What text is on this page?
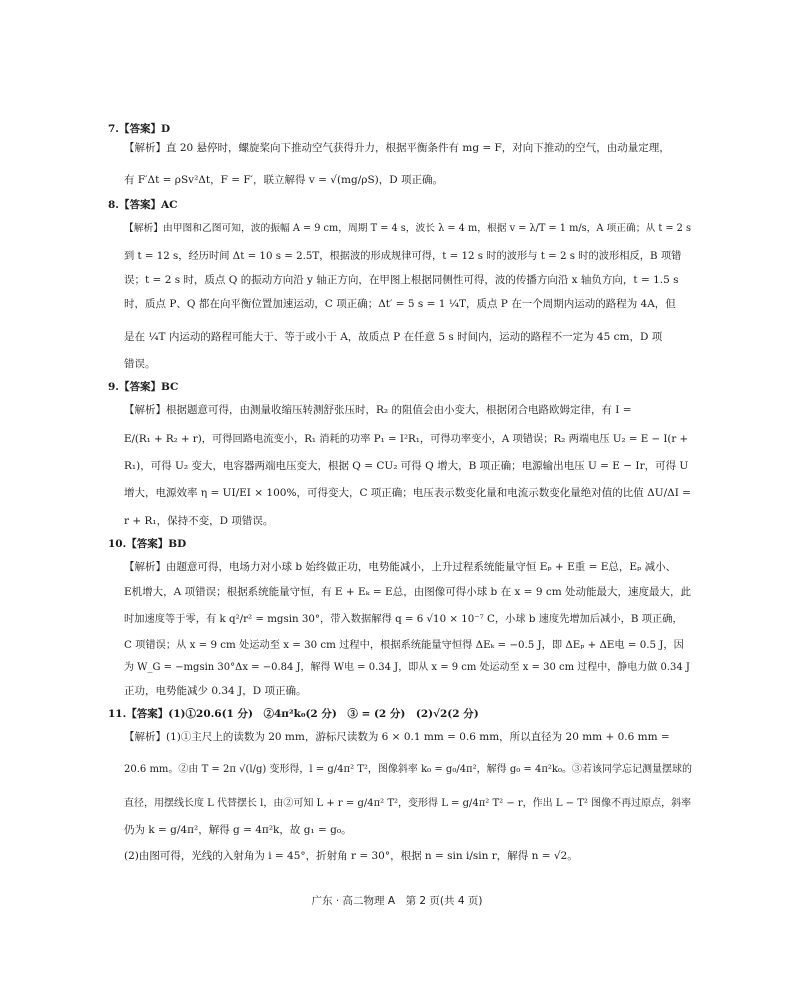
7.【答案】D
【解析】直 20 悬停时，螺旋桨向下推动空气获得升力，根据平衡条件有 mg = F，对向下推动的空气，由动量定理，
有 F′Δt = ρSv²Δt，F = F′，联立解得 v = √(mg/ρS)，D 项正确。
8.【答案】AC
【解析】由甲图和乙图可知，波的振幅 A = 9 cm，周期 T = 4 s，波长 λ = 4 m，根据 v = λ/T = 1 m/s，A 项正确；从 t = 2 s
到 t = 12 s，经历时间 Δt = 10 s = 2.5T，根据波的形成规律可得，t = 12 s 时的波形与 t = 2 s 时的波形相反，B 项错
误；t = 2 s 时，质点 Q 的振动方向沿 y 轴正方向，在甲图上根据同侧性可得，波的传播方向沿 x 轴负方向，t = 1.5 s
时，质点 P、Q 都在向平衡位置加速运动，C 项正确；Δt′ = 5 s = 1 ¼T，质点 P 在一个周期内运动的路程为 4A，但
是在 ¼T 内运动的路程可能大于、等于或小于 A，故质点 P 在任意 5 s 时间内，运动的路程不一定为 45 cm，D 项
错误。
9.【答案】BC
【解析】根据题意可得，由测量收缩压转测舒张压时，R₂ 的阻值会由小变大，根据闭合电路欧姆定律，有 I =
E/(R₁ + R₂ + r)，可得回路电流变小，R₁ 消耗的功率 P₁ = I²R₁，可得功率变小，A 项错误；R₂ 两端电压 U₂ = E − I(r +
R₁)，可得 U₂ 变大，电容器两端电压变大，根据 Q = CU₂ 可得 Q 增大，B 项正确；电源输出电压 U = E − Ir，可得 U
增大，电源效率 η = UI/EI × 100%，可得变大，C 项正确；电压表示数变化量和电流示数变化量绝对值的比值 ΔU/ΔI =
r + R₁，保持不变，D 项错误。
10.【答案】BD
【解析】由题意可得，电场力对小球 b 始终做正功，电势能减小，上升过程系统能量守恒 Eₚ + E重 = E总，Eₚ 减小、
E机增大，A 项错误；根据系统能量守恒，有 E + Eₖ = E总，由图像可得小球 b 在 x = 9 cm 处动能最大，速度最大，此
时加速度等于零，有 k q²/r² = mgsin 30°，带入数据解得 q = 6 √10 × 10⁻⁷ C，小球 b 速度先增加后减小，B 项正确，
C 项错误；从 x = 9 cm 处运动至 x = 30 cm 过程中，根据系统能量守恒得 ΔEₖ = −0.5 J，即 ΔEₚ + ΔE电 = 0.5 J，因
为 W_G = −mgsin 30°Δx = −0.84 J，解得 W电 = 0.34 J，即从 x = 9 cm 处运动至 x = 30 cm 过程中，静电力做 0.34 J
正功，电势能减少 0.34 J，D 项正确。
11.【答案】(1)①20.6(1 分)　②4π²k₀(2 分)　③ = (2 分)　(2)√2(2 分)
【解析】(1)①主尺上的读数为 20 mm，游标尺读数为 6 × 0.1 mm = 0.6 mm，所以直径为 20 mm + 0.6 mm =
20.6 mm。②由 T = 2π √(l/g) 变形得，l = g/4π² T²，图像斜率 k₀ = g₀/4π²，解得 g₀ = 4π²k₀。③若该同学忘记测量摆球的
直径，用摆线长度 L 代替摆长 l，由②可知 L + r = g/4π² T²，变形得 L = g/4π² T² − r，作出 L − T² 图像不再过原点，斜率
仍为 k = g/4π²，解得 g = 4π²k，故 g₁ = g₀。
(2)由图可得，光线的入射角为 i = 45°，折射角 r = 30°，根据 n = sin i/sin r，解得 n = √2。
广东 · 高二物理 A　第 2 页(共 4 页)
